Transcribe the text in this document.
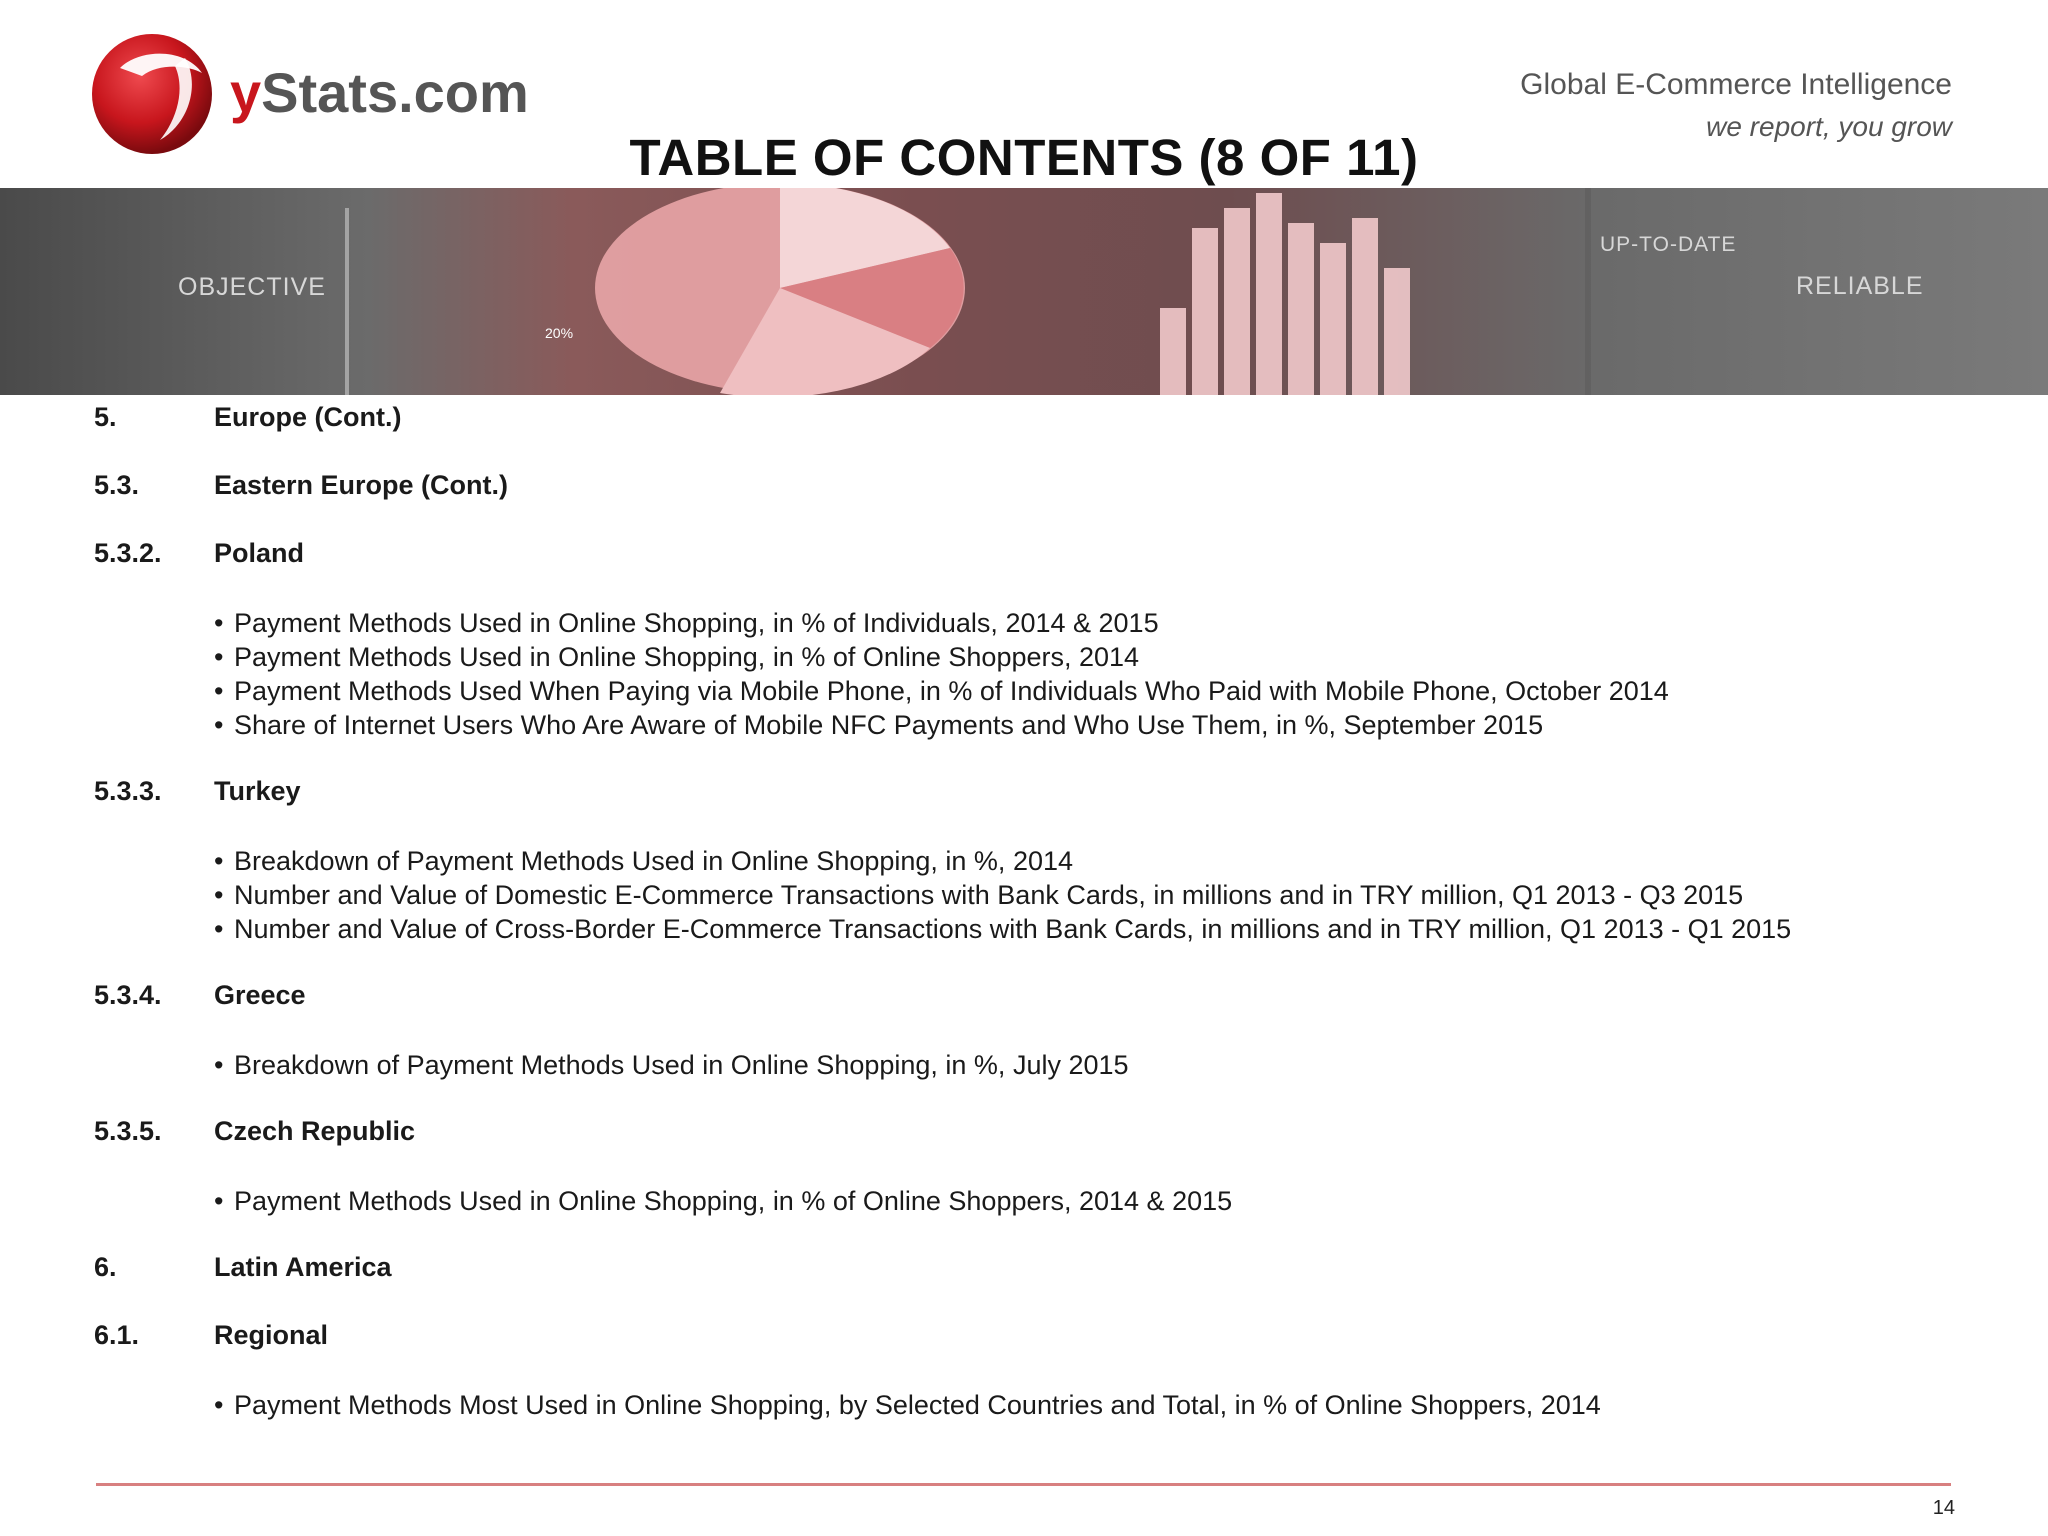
yStats.com	Global E-Commerce Intelligence
we report, you grow
TABLE OF CONTENTS (8 OF 11)
20%
OBJECTIVE
UP-TO-DATE
RELIABLE
5.	Europe (Cont.)
5.3.	Eastern Europe (Cont.)
5.3.2. Poland
• Payment Methods Used in Online Shopping, in % of Individuals, 2014 & 2015
• Payment Methods Used in Online Shopping, in % of Online Shoppers, 2014
• Payment Methods Used When Paying via Mobile Phone, in % of Individuals Who Paid with Mobile Phone, October 2014
• Share of Internet Users Who Are Aware of Mobile NFC Payments and Who Use Them, in %, September 2015
5.3.3. Turkey
• Breakdown of Payment Methods Used in Online Shopping, in %, 2014
• Number and Value of Domestic E-Commerce Transactions with Bank Cards, in millions and in TRY million, Q1 2013 - Q3 2015
• Number and Value of Cross-Border E-Commerce Transactions with Bank Cards, in millions and in TRY million, Q1 2013 - Q1 2015
5.3.4. Greece
• Breakdown of Payment Methods Used in Online Shopping, in %, July 2015
5.3.5. Czech Republic
• Payment Methods Used in Online Shopping, in % of Online Shoppers, 2014 & 2015
6.	Latin America
6.1.	Regional
• Payment Methods Most Used in Online Shopping, by Selected Countries and Total, in % of Online Shoppers, 2014
14
